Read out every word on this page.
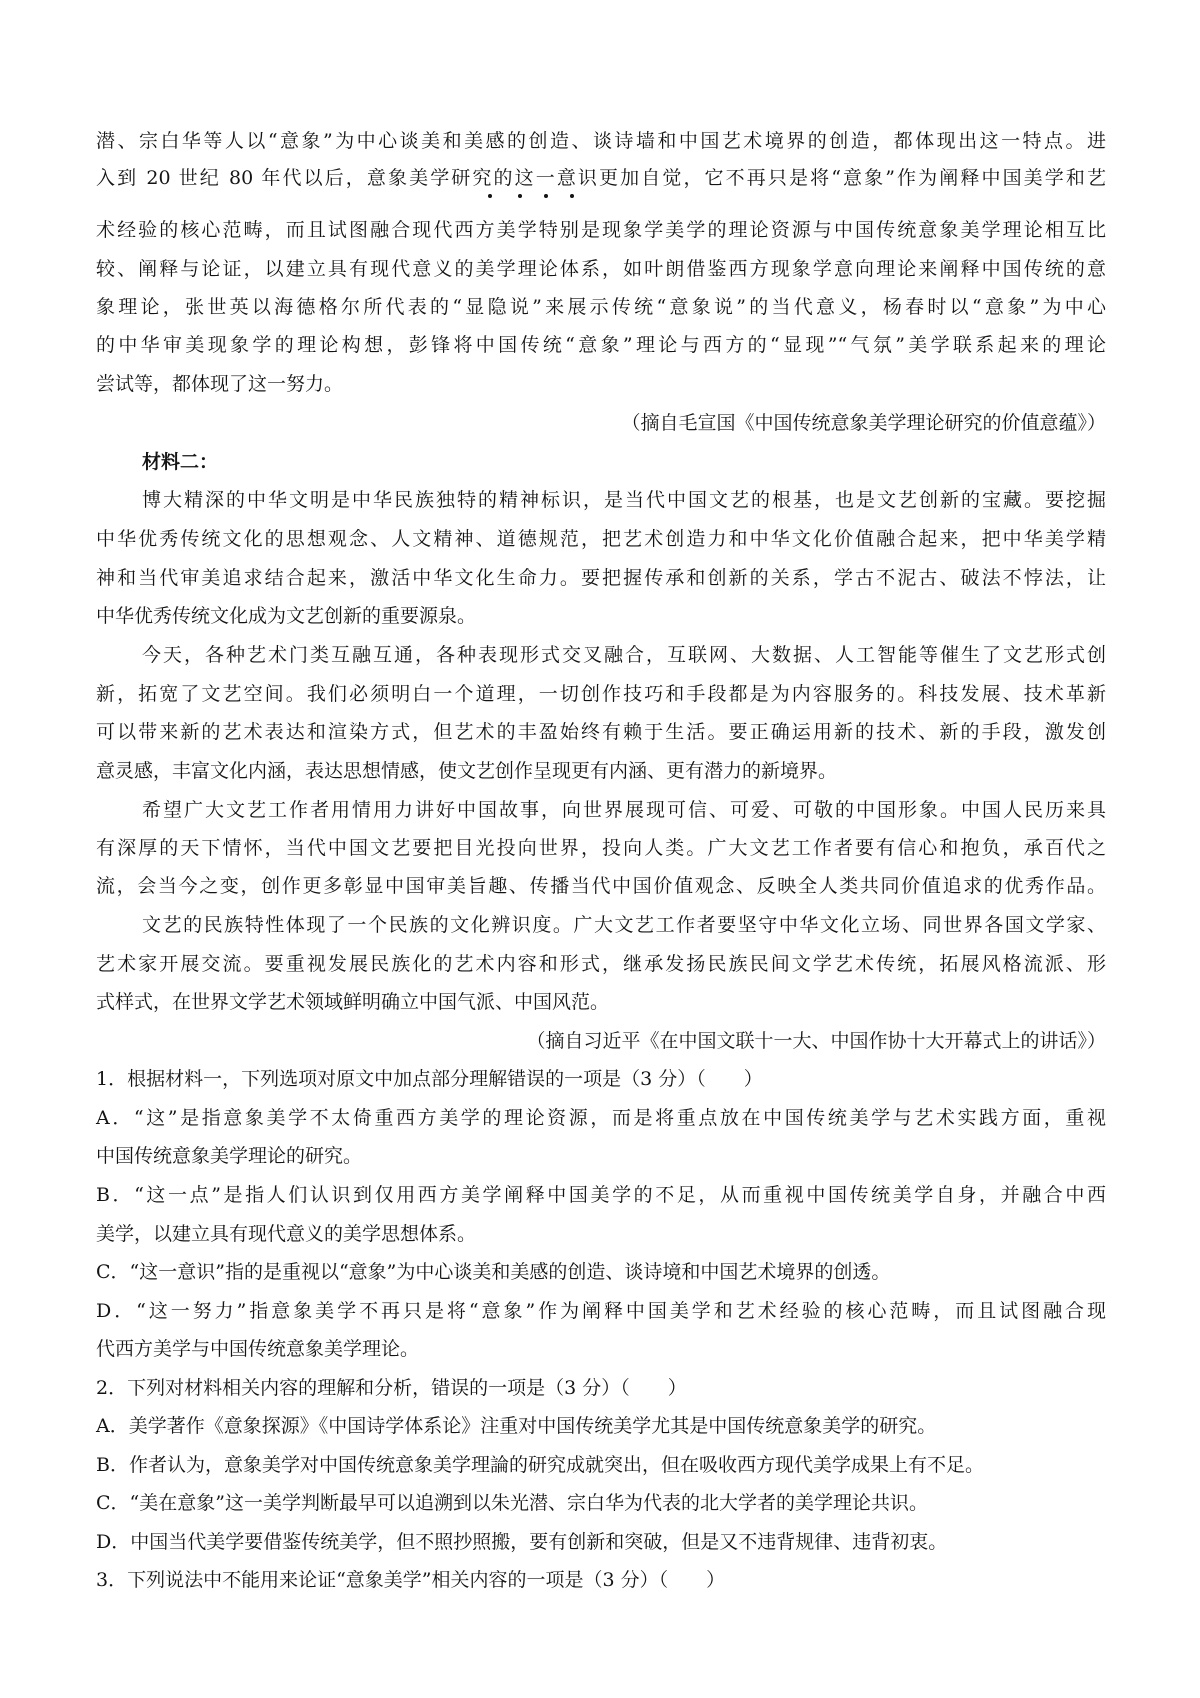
潜、宗白华等人以“意象”为中心谈美和美感的创造、谈诗墙和中国艺术境界的创造，都体现出这一特点。进
入到 20 世纪 80 年代以后，意象美学研究的这一意识更加自觉，它不再只是将“意象”作为阐释中国美学和艺
术经验的核心范畴，而且试图融合现代西方美学特别是现象学美学的理论资源与中国传统意象美学理论相互比
较、阐释与论证，以建立具有现代意义的美学理论体系，如叶朗借鉴西方现象学意向理论来阐释中国传统的意
象理论，张世英以海德格尔所代表的“显隐说”来展示传统“意象说”的当代意义，杨春时以“意象”为中心
的中华审美现象学的理论构想，彭锋将中国传统“意象”理论与西方的“显现”“气氛”美学联系起来的理论
尝试等，都体现了这一努力。
（摘自毛宣国《中国传统意象美学理论研究的价值意蕴》）
材料二：
博大精深的中华文明是中华民族独特的精神标识，是当代中国文艺的根基，也是文艺创新的宝藏。要挖掘
中华优秀传统文化的思想观念、人文精神、道德规范，把艺术创造力和中华文化价值融合起来，把中华美学精
神和当代审美追求结合起来，激活中华文化生命力。要把握传承和创新的关系，学古不泥古、破法不悖法，让
中华优秀传统文化成为文艺创新的重要源泉。
今天，各种艺术门类互融互通，各种表现形式交叉融合，互联网、大数据、人工智能等催生了文艺形式创
新，拓宽了文艺空间。我们必须明白一个道理，一切创作技巧和手段都是为内容服务的。科技发展、技术革新
可以带来新的艺术表达和渲染方式，但艺术的丰盈始终有赖于生活。要正确运用新的技术、新的手段，激发创
意灵感，丰富文化内涵，表达思想情感，使文艺创作呈现更有内涵、更有潜力的新境界。
希望广大文艺工作者用情用力讲好中国故事，向世界展现可信、可爱、可敬的中国形象。中国人民历来具
有深厚的天下情怀，当代中国文艺要把目光投向世界，投向人类。广大文艺工作者要有信心和抱负，承百代之
流，会当今之变，创作更多彰显中国审美旨趣、传播当代中国价值观念、反映全人类共同价值追求的优秀作品。
文艺的民族特性体现了一个民族的文化辨识度。广大文艺工作者要坚守中华文化立场、同世界各国文学家、
艺术家开展交流。要重视发展民族化的艺术内容和形式，继承发扬民族民间文学艺术传统，拓展风格流派、形
式样式，在世界文学艺术领域鲜明确立中国气派、中国风范。
（摘自习近平《在中国文联十一大、中国作协十大开幕式上的讲话》）
1．根据材料一，下列选项对原文中加点部分理解错误的一项是（3 分）（　　）
A．“这”是指意象美学不太倚重西方美学的理论资源，而是将重点放在中国传统美学与艺术实践方面，重视
中国传统意象美学理论的研究。
B．“这一点”是指人们认识到仅用西方美学阐释中国美学的不足，从而重视中国传统美学自身，并融合中西
美学，以建立具有现代意义的美学思想体系。
C．“这一意识”指的是重视以“意象”为中心谈美和美感的创造、谈诗境和中国艺术境界的创透。
D．“这一努力”指意象美学不再只是将“意象”作为阐释中国美学和艺术经验的核心范畴，而且试图融合现
代西方美学与中国传统意象美学理论。
2．下列对材料相关内容的理解和分析，错误的一项是（3 分）（　　）
A．美学著作《意象探源》《中国诗学体系论》注重对中国传统美学尤其是中国传统意象美学的研究。
B．作者认为，意象美学对中国传统意象美学理論的研究成就突出，但在吸收西方现代美学成果上有不足。
C．“美在意象”这一美学判断最早可以追溯到以朱光潜、宗白华为代表的北大学者的美学理论共识。
D．中国当代美学要借鉴传统美学，但不照抄照搬，要有创新和突破，但是又不违背规律、违背初衷。
3．下列说法中不能用来论证“意象美学”相关内容的一项是（3 分）（　　）
